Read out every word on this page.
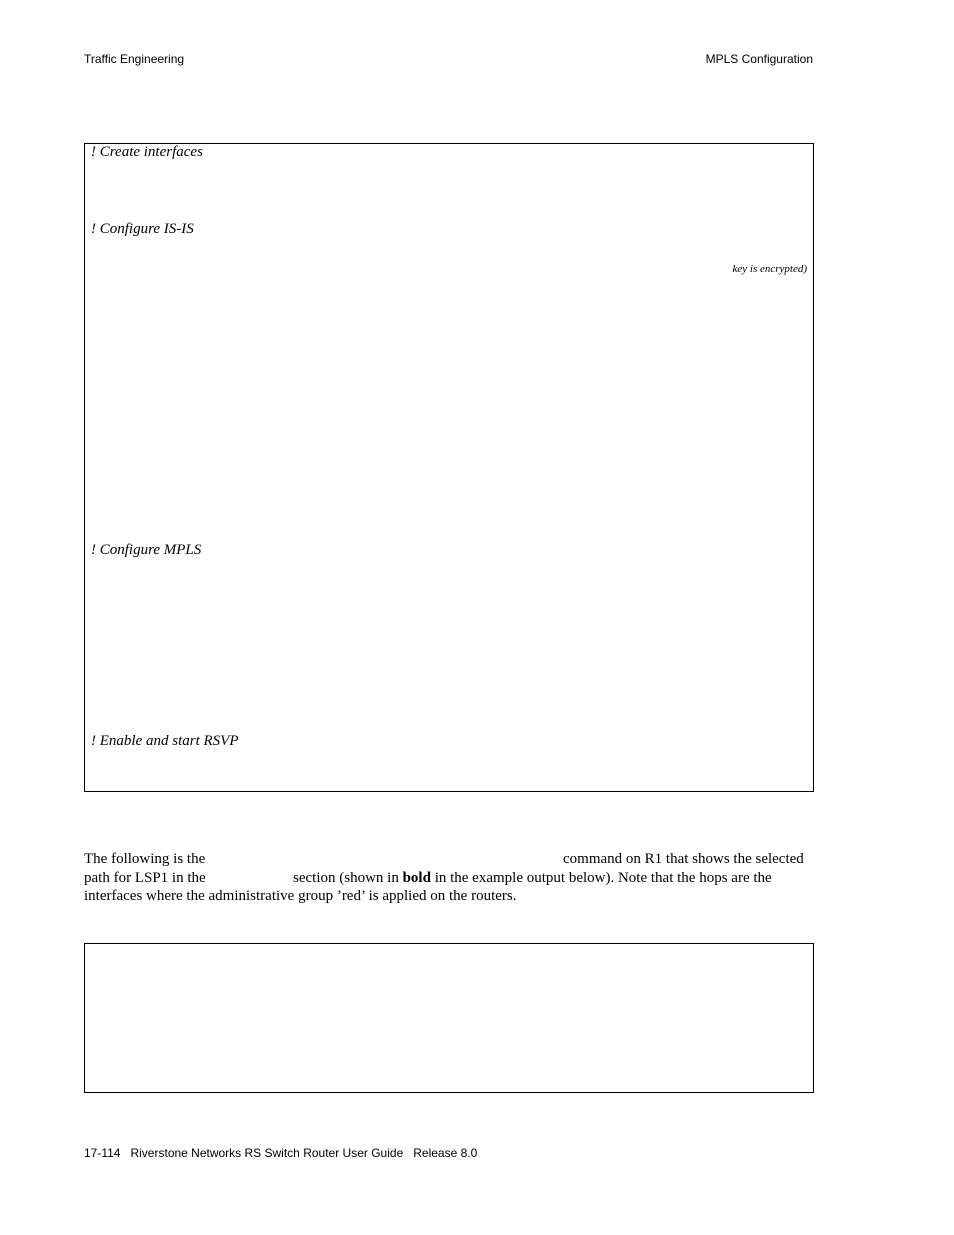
Traffic Engineering	MPLS Configuration
! Create interfaces
! Configure IS-IS
key is encrypted)
! Configure MPLS
! Enable and start RSVP

The following is the

	command on R1 that shows the selected

path for LSP1 in the

	section (shown in bold in the example output below). Note that the hops are the

interfaces where the administrative group ’red’ is applied on the routers.

17-114   Riverstone Networks RS Switch Router User Guide   Release 8.0
